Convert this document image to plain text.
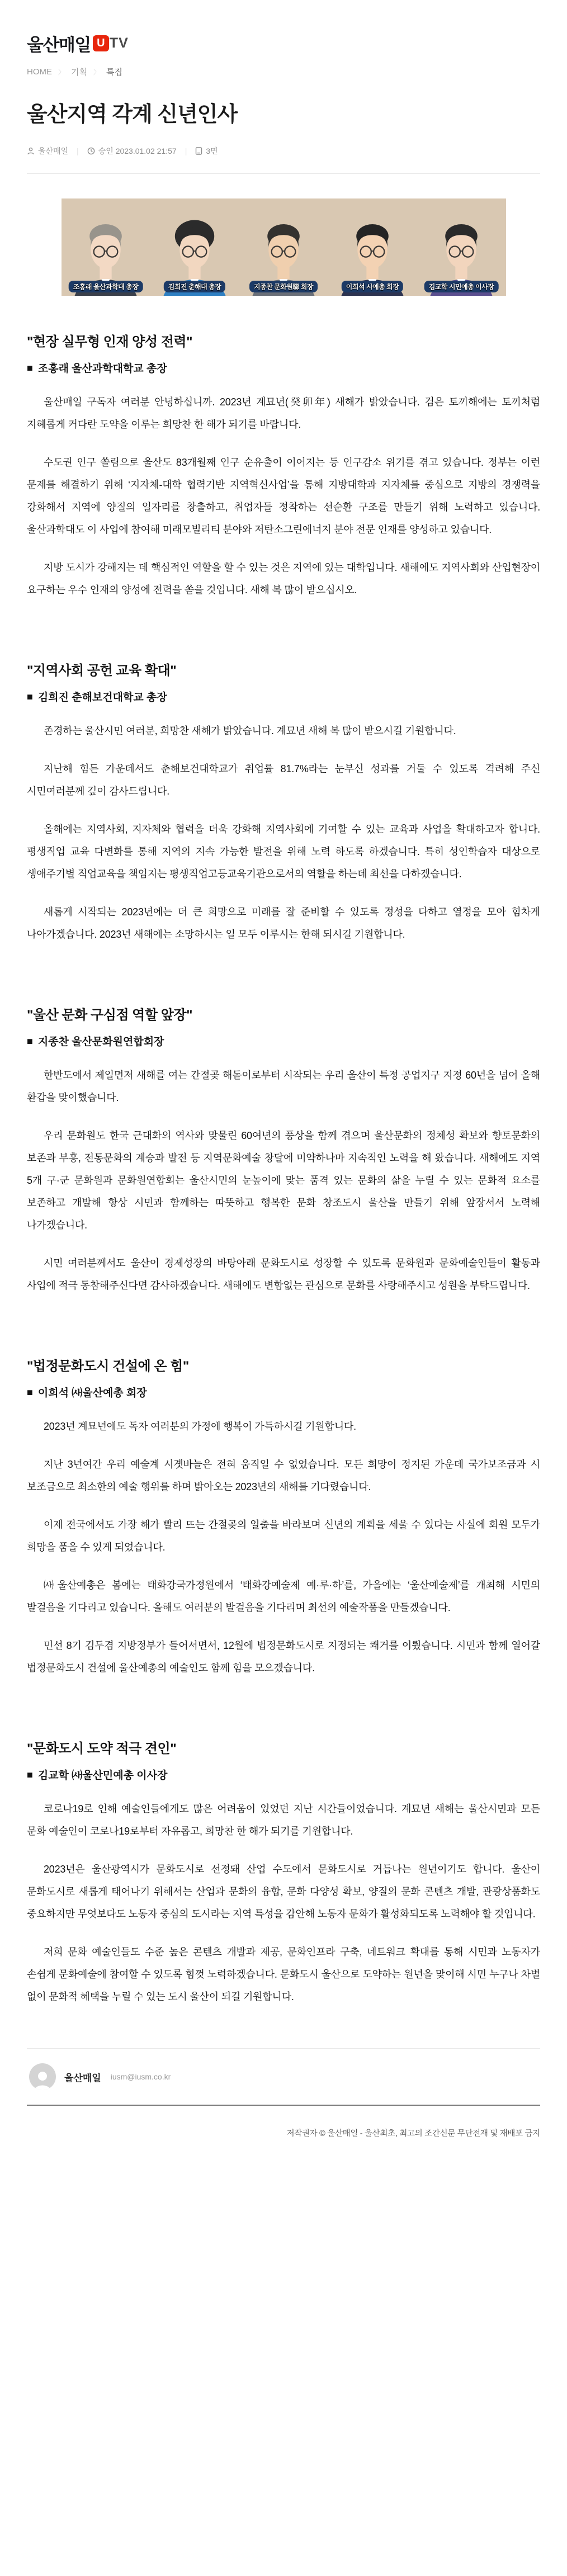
울산매일 U TV
HOME 〉 기획 〉 특집
울산지역 각계 신년인사
울산매일 |	승인 2023.01.02 21:57 | 3면
조홍래 울산과학대 총장	김희진 춘해대 총장	지종찬 문화원聯 회장	이희석 시예총 회장	김교학 시민예총 이사장
"현장 실무형 인재 양성 전력"
■ 조홍래 울산과학대학교 총장

울산매일 구독자 여러분 안녕하십니까. 2023년 계묘년(癸卯年) 새해가 밝았습니다. 검은 토끼해에는 토끼처럼 지혜롭게 커다란 도약을 이루는 희망찬 한 해가 되기를 바랍니다.

수도권 인구 쏠림으로 울산도 83개월째 인구 순유출이 이어지는 등 인구감소 위기를 겪고 있습니다. 정부는 이런 문제를 해결하기 위해 ‘지자체-대학 협력기반 지역혁신사업’을 통해 지방대학과 지자체를 중심으로 지방의 경쟁력을 강화해서 지역에 양질의 일자리를 창출하고, 취업자들 정착하는 선순환 구조를 만들기 위해 노력하고 있습니다. 울산과학대도 이 사업에 참여해 미래모빌리티 분야와 저탄소그린에너지 분야 전문 인재를 양성하고 있습니다.

지방 도시가 강해지는 데 핵심적인 역할을 할 수 있는 것은 지역에 있는 대학입니다. 새해에도 지역사회와 산업현장이 요구하는 우수 인재의 양성에 전력을 쏟을 것입니다. 새해 복 많이 받으십시오.

"지역사회 공헌 교육 확대"
■ 김희진 춘해보건대학교 총장

존경하는 울산시민 여러분, 희망찬 새해가 밝았습니다. 계묘년 새해 복 많이 받으시길 기원합니다.

지난해 힘든 가운데서도 춘해보건대학교가 취업률 81.7%라는 눈부신 성과를 거둘 수 있도록 격려해 주신 시민여러분께 깊이 감사드립니다.

올해에는 지역사회, 지자체와 협력을 더욱 강화해 지역사회에 기여할 수 있는 교육과 사업을 확대하고자 합니다. 평생직업 교육 다변화를 통해 지역의 지속 가능한 발전을 위해 노력 하도록 하겠습니다. 특히 성인학습자 대상으로 생애주기별 직업교육을 책임지는 평생직업고등교육기관으로서의 역할을 하는데 최선을 다하겠습니다.

새롭게 시작되는 2023년에는 더 큰 희망으로 미래를 잘 준비할 수 있도록 정성을 다하고 열정을 모아 힘차게 나아가겠습니다. 2023년 새해에는 소망하시는 일 모두 이루시는 한해 되시길 기원합니다.

"울산 문화 구심점 역할 앞장"
■ 지종찬 울산문화원연합회장

한반도에서 제일먼저 새해를 여는 간절곶 해돋이로부터 시작되는 우리 울산이 특정 공업지구 지정 60년을 넘어 올해 환갑을 맞이했습니다.

우리 문화원도 한국 근대화의 역사와 맞물린 60여년의 풍상을 함께 겪으며 울산문화의 정체성 확보와 향토문화의 보존과 부흥, 전통문화의 계승과 발전 등 지역문화예술 창달에 미약하나마 지속적인 노력을 해 왔습니다. 새해에도 지역 5개 구·군 문화원과 문화원연합회는 울산시민의 눈높이에 맞는 품격 있는 문화의 삶을 누릴 수 있는 문화적 요소를 보존하고 개발해 항상 시민과 함께하는 따뜻하고 행복한 문화 창조도시 울산을 만들기 위해 앞장서서 노력해 나가겠습니다.

시민 여러분께서도 울산이 경제성장의 바탕아래 문화도시로 성장할 수 있도록 문화원과 문화예술인들이 활동과 사업에 적극 동참해주신다면 감사하겠습니다. 새해에도 변함없는 관심으로 문화를 사랑해주시고 성원을 부탁드립니다.

"법정문화도시 건설에 온 힘"
■ 이희석 ㈔울산예총 회장

2023년 계묘년에도 독자 여러분의 가정에 행복이 가득하시길 기원합니다.

지난 3년여간 우리 예술계 시곗바늘은 전혀 움직일 수 없었습니다. 모든 희망이 정지된 가운데 국가보조금과 시 보조금으로 최소한의 예술 행위를 하며 밝아오는 2023년의 새해를 기다렸습니다.

이제 전국에서도 가장 해가 빨리 뜨는 간절곶의 일출을 바라보며 신년의 계획을 세울 수 있다는 사실에 회원 모두가 희망을 품을 수 있게 되었습니다.

㈔울산예총은 봄에는 태화강국가정원에서 ‘태화강예술제 예·루·하’를, 가을에는 ‘울산예술제’를 개최해 시민의 발걸음을 기다리고 있습니다. 올해도 여러분의 발걸음을 기다리며 최선의 예술작품을 만들겠습니다.

민선 8기 김두겸 지방정부가 들어서면서, 12월에 법정문화도시로 지정되는 쾌거를 이뤘습니다. 시민과 함께 열어갈 법정문화도시 건설에 울산예총의 예술인도 함께 힘을 모으겠습니다.

"문화도시 도약 적극 견인"
■ 김교학 ㈔울산민예총 이사장

코로나19로 인해 예술인들에게도 많은 어려움이 있었던 지난 시간들이었습니다. 계묘년 새해는 울산시민과 모든 문화 예술인이 코로나19로부터 자유롭고, 희망찬 한 해가 되기를 기원합니다.

2023년은 울산광역시가 문화도시로 선정돼 산업 수도에서 문화도시로 거듭나는 원년이기도 합니다. 울산이 문화도시로 새롭게 태어나기 위해서는 산업과 문화의 융합, 문화 다양성 확보, 양질의 문화 콘텐츠 개발, 관광상품화도 중요하지만 무엇보다도 노동자 중심의 도시라는 지역 특성을 감안해 노동자 문화가 활성화되도록 노력해야 할 것입니다.

저희 문화 예술인들도 수준 높은 콘텐츠 개발과 제공, 문화인프라 구축, 네트워크 확대를 통해 시민과 노동자가 손쉽게 문화예술에 참여할 수 있도록 힘껏 노력하겠습니다. 문화도시 울산으로 도약하는 원년을 맞이해 시민 누구나 차별 없이 문화적 혜택을 누릴 수 있는 도시 울산이 되길 기원합니다.

울산매일 iusm@iusm.co.kr
저작권자 © 울산매일 - 울산최초, 최고의 조간신문 무단전재 및 재배포 금지
